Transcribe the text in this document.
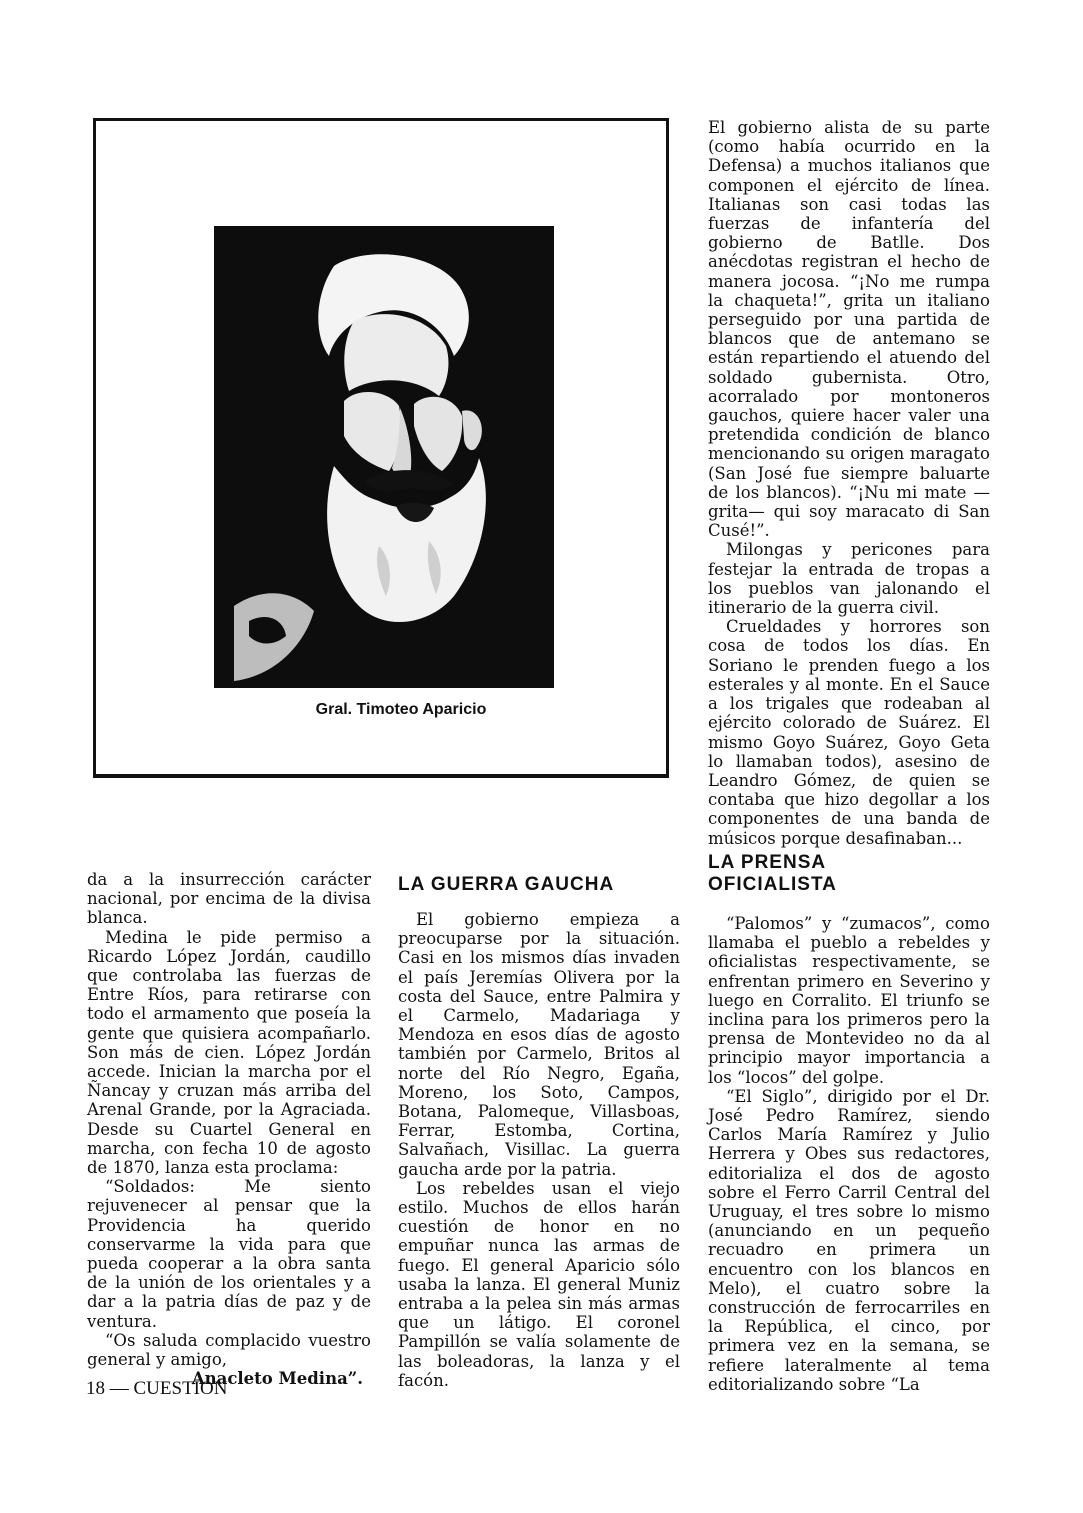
Gral. Timoteo Aparicio

El gobierno alista de su parte (como había ocurrido en la Defensa) a muchos italianos que componen el ejército de línea. Italianas son casi todas las fuerzas de infantería del gobierno de Batlle. Dos anécdotas registran el hecho de manera jocosa. “¡No me rumpa la chaqueta!”, grita un italiano perseguido por una partida de blancos que de antemano se están repartiendo el atuendo del soldado gubernista. Otro, acorralado por montoneros gauchos, quiere hacer valer una pretendida condición de blanco mencionando su origen maragato (San José fue siempre baluarte de los blancos). “¡Nu mi mate —grita— qui soy maracato di San Cusé!”.

Milongas y pericones para festejar la entrada de tropas a los pueblos van jalonando el itinerario de la guerra civil.

Crueldades y horrores son cosa de todos los días. En Soriano le prenden fuego a los esterales y al monte. En el Sauce a los trigales que rodeaban al ejército colorado de Suárez. El mismo Goyo Suárez, Goyo Geta lo llamaban todos), asesino de Leandro Gómez, de quien se contaba que hizo degollar a los componentes de una banda de músicos porque desafinaban...

da a la insurrección carácter nacional, por encima de la divisa blanca.

Medina le pide permiso a Ricardo López Jordán, caudillo que controlaba las fuerzas de Entre Ríos, para retirarse con todo el armamento que poseía la gente que quisiera acompañarlo. Son más de cien. López Jordán accede. Inician la marcha por el Ñancay y cruzan más arriba del Arenal Grande, por la Agraciada. Desde su Cuartel General en marcha, con fecha 10 de agosto de 1870, lanza esta proclama:

“Soldados: Me siento rejuvenecer al pensar que la Providencia ha querido conservarme la vida para que pueda cooperar a la obra santa de la unión de los orientales y a dar a la patria días de paz y de ventura.

“Os saluda complacido vuestro general y amigo,

Anacleto Medina”.

LA GUERRA GAUCHA

El gobierno empieza a preocuparse por la situación. Casi en los mismos días invaden el país Jeremías Olivera por la costa del Sauce, entre Palmira y el Carmelo, Madariaga y Mendoza en esos días de agosto también por Carmelo, Britos al norte del Río Negro, Egaña, Moreno, los Soto, Campos, Botana, Palomeque, Villasboas, Ferrar, Estomba, Cortina, Salvañach, Visillac. La guerra gaucha arde por la patria.

Los rebeldes usan el viejo estilo. Muchos de ellos harán cuestión de honor en no empuñar nunca las armas de fuego. El general Aparicio sólo usaba la lanza. El general Muniz entraba a la pelea sin más armas que un látigo. El coronel Pampillón se valía solamente de las boleadoras, la lanza y el facón.

LA PRENSA
OFICIALISTA

“Palomos” y “zumacos”, como llamaba el pueblo a rebeldes y oficialistas respectivamente, se enfrentan primero en Severino y luego en Corralito. El triunfo se inclina para los primeros pero la prensa de Montevideo no da al principio mayor importancia a los “locos” del golpe.

“El Siglo”, dirigido por el Dr. José Pedro Ramírez, siendo Carlos María Ramírez y Julio Herrera y Obes sus redactores, editorializa el dos de agosto sobre el Ferro Carril Central del Uruguay, el tres sobre lo mismo (anunciando en un pequeño recuadro en primera un encuentro con los blancos en Melo), el cuatro sobre la construcción de ferrocarriles en la República, el cinco, por primera vez en la semana, se refiere lateralmente al tema editorializando sobre “La

18 — CUESTION
